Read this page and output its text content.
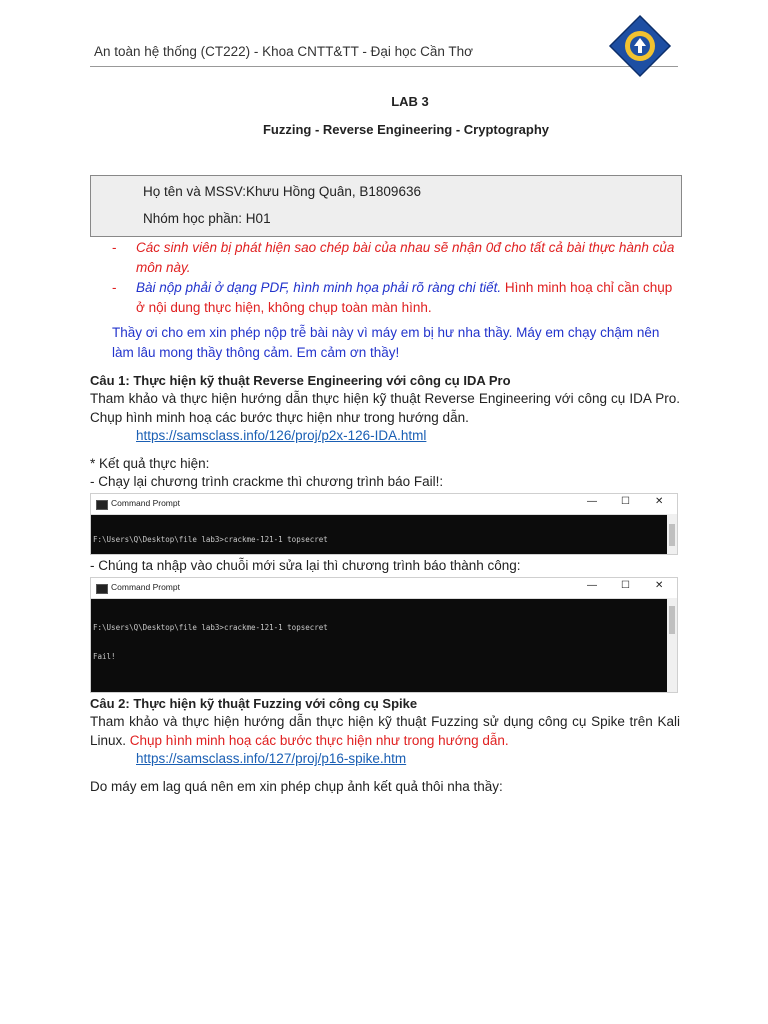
An toàn hệ thống (CT222) - Khoa CNTT&TT - Đại học Cần Thơ
LAB 3
Fuzzing - Reverse Engineering - Cryptography
Họ tên và MSSV:Khưu Hồng Quân, B1809636
Nhóm học phần: H01
- Các sinh viên bị phát hiện sao chép bài của nhau sẽ nhận 0đ cho tất cả bài thực hành của môn này.
- Bài nộp phải ở dạng PDF, hình minh họa phải rõ ràng chi tiết. Hình minh hoạ chỉ cần chụp ở nội dung thực hiện, không chụp toàn màn hình.
Thầy ơi cho em xin phép nộp trễ bài này vì máy em bị hư nha thầy. Máy em chạy chậm nên làm lâu mong thầy thông cảm. Em cảm ơn thầy!
Câu 1: Thực hiện kỹ thuật Reverse Engineering với công cụ IDA Pro
Tham khảo và thực hiện hướng dẫn thực hiện kỹ thuật Reverse Engineering với công cụ IDA Pro. Chụp hình minh hoạ các bước thực hiện như trong hướng dẫn.
https://samsclass.info/126/proj/p2x-126-IDA.html
* Kết quả thực hiện:
- Chạy lại chương trình crackme thì chương trình báo Fail!:
Command Prompt	— ☐	✕

F:\Users\Q\Desktop\file lab3>crackme-121-1 topsecret

- Chúng ta nhập vào chuỗi mới sửa lại thì chương trình báo thành công:
Command Prompt	— ☐	✕

F:\Users\Q\Desktop\file lab3>crackme-121-1 topsecret

Fail!

Câu 2: Thực hiện kỹ thuật Fuzzing với công cụ Spike
Tham khảo và thực hiện hướng dẫn thực hiện kỹ thuật Fuzzing sử dụng công cụ Spike trên Kali Linux. Chụp hình minh hoạ các bước thực hiện như trong hướng dẫn.
https://samsclass.info/127/proj/p16-spike.htm
Do máy em lag quá nên em xin phép chụp ảnh kết quả thôi nha thầy:
